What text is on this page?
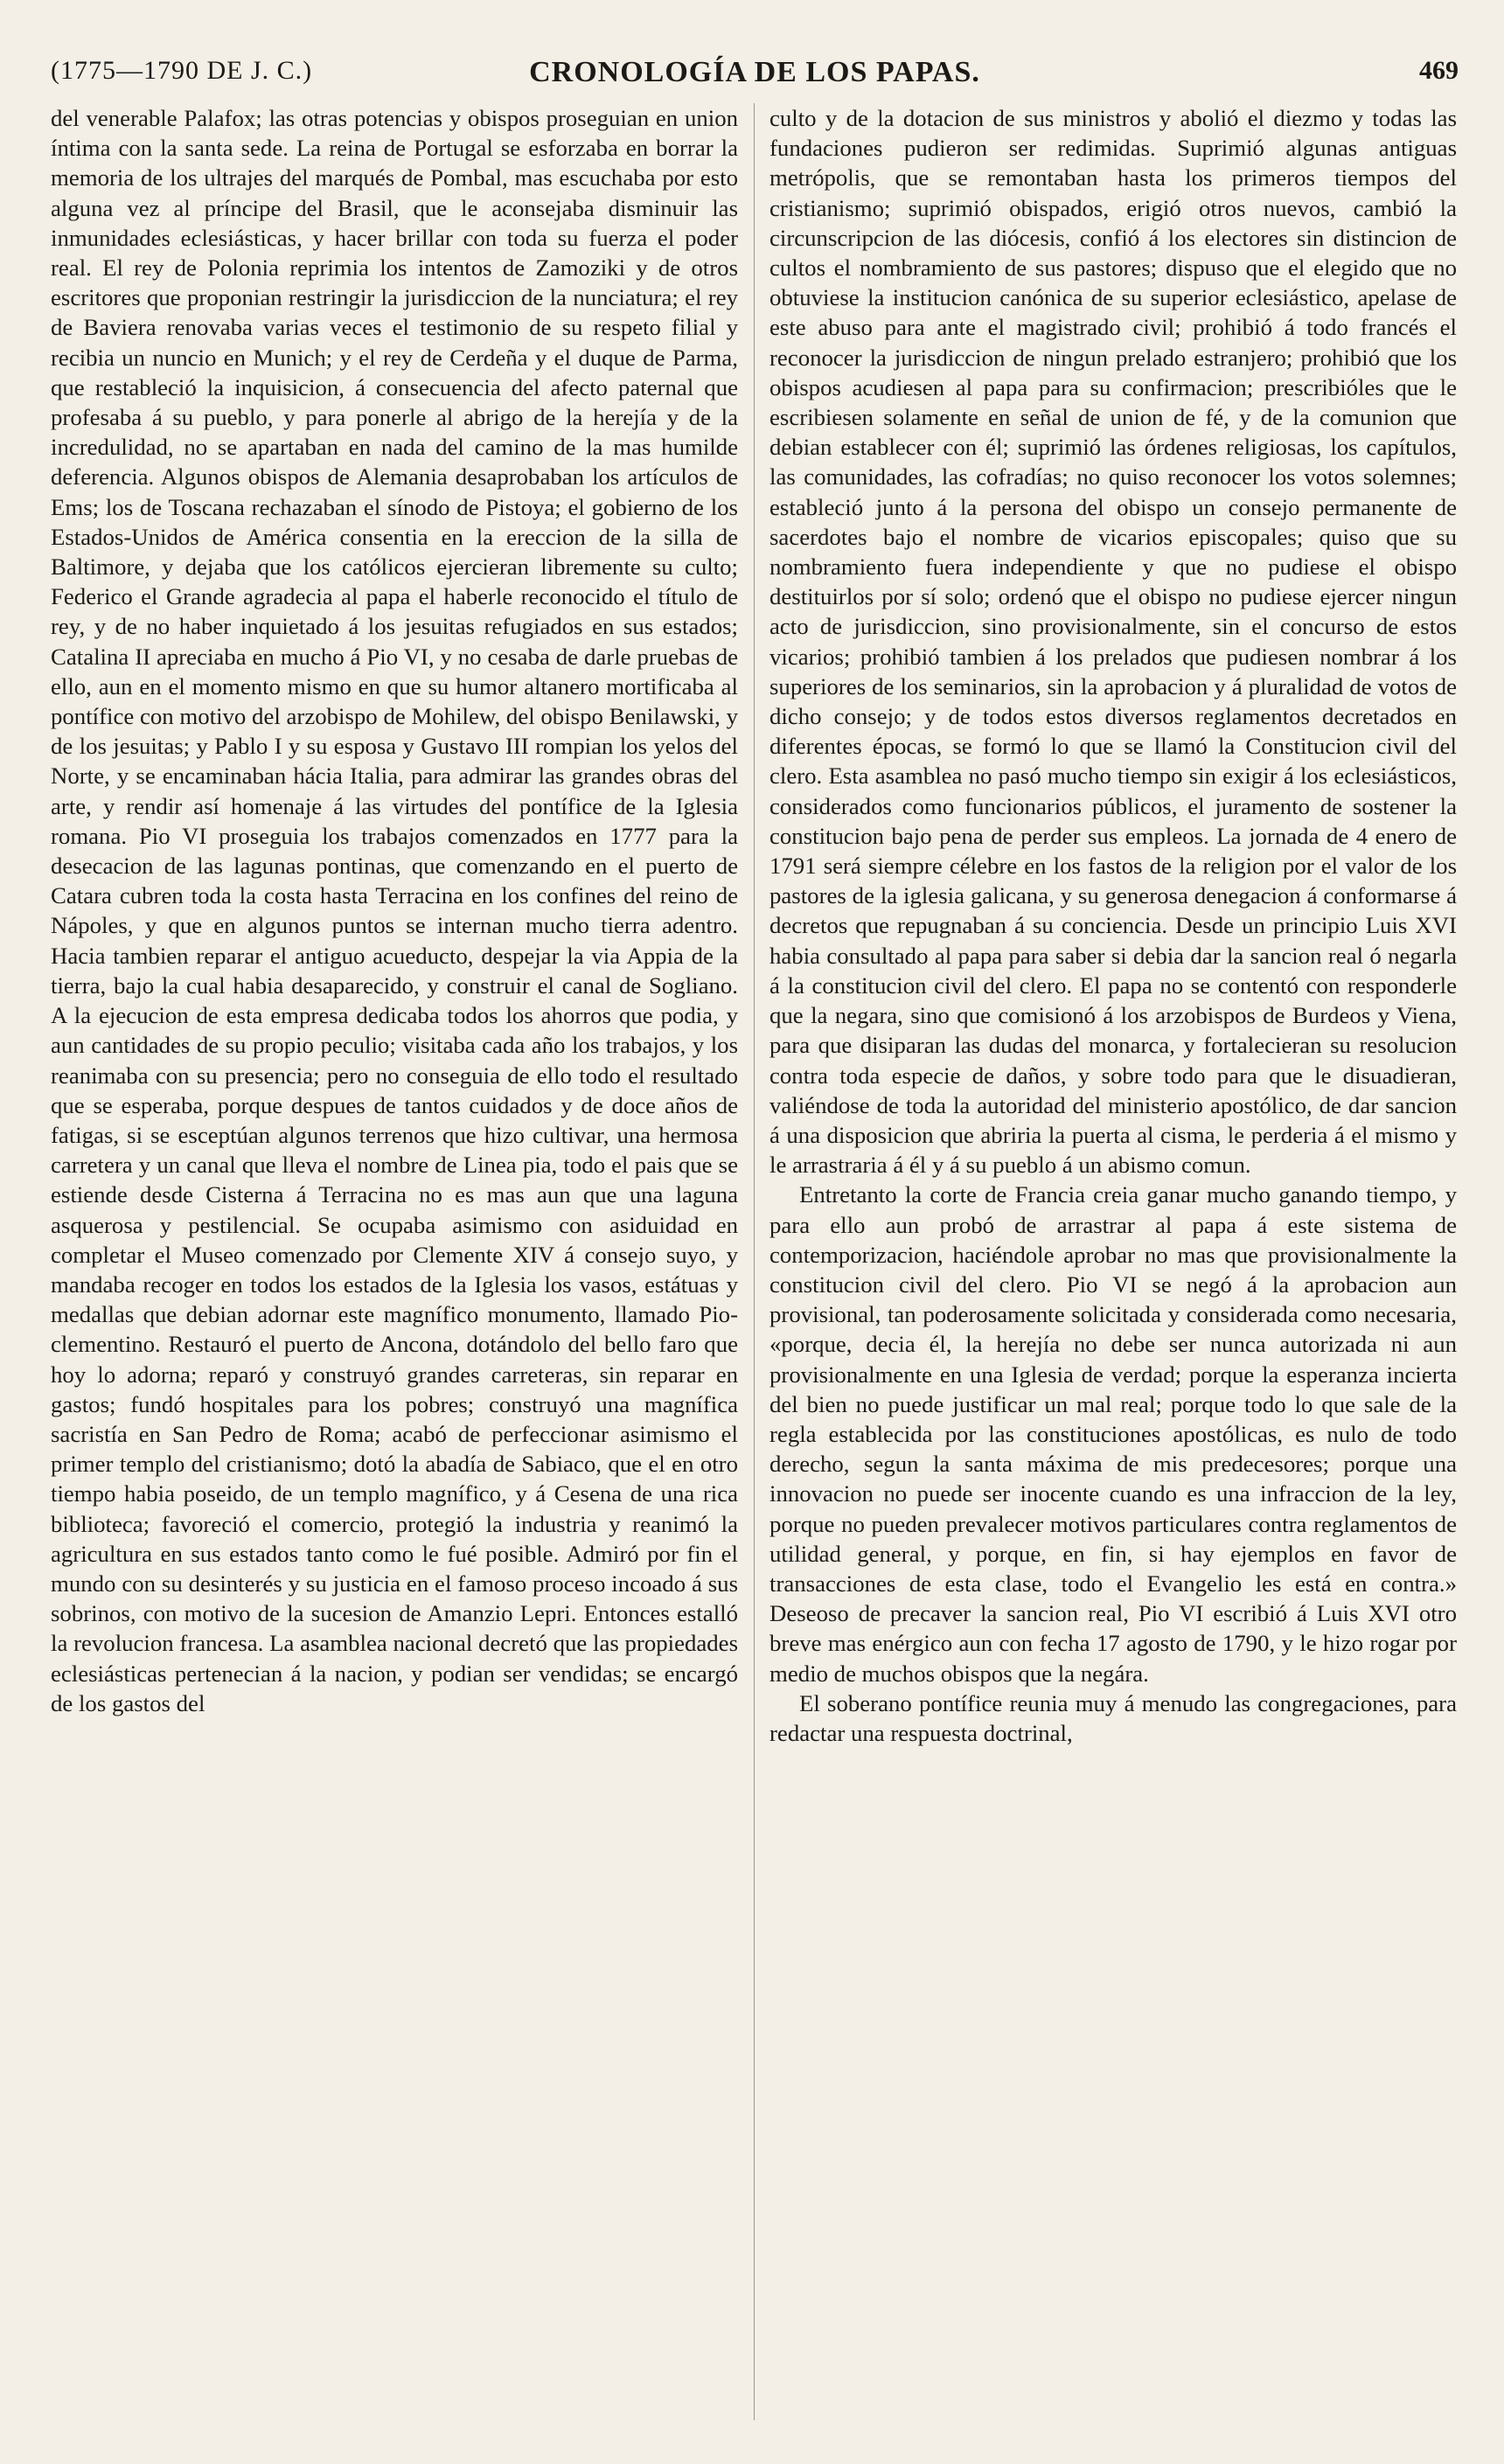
(1775—1790 DE J. C.)	CRONOLOGÍA DE LOS PAPAS.	469

del venerable Palafox; las otras potencias y obispos proseguian en union íntima con la santa sede. La reina de Portugal se esforzaba en borrar la memoria de los ultrajes del marqués de Pombal, mas escuchaba por esto alguna vez al príncipe del Brasil, que le aconsejaba disminuir las inmunidades eclesiásticas, y hacer brillar con toda su fuerza el poder real. El rey de Polonia reprimia los intentos de Zamoziki y de otros escritores que proponian restringir la jurisdiccion de la nunciatura; el rey de Baviera renovaba varias veces el testimonio de su respeto filial y recibia un nuncio en Munich; y el rey de Cerdeña y el duque de Parma, que restableció la inquisicion, á consecuencia del afecto paternal que profesaba á su pueblo, y para ponerle al abrigo de la herejía y de la incredulidad, no se apartaban en nada del camino de la mas humilde deferencia. Algunos obispos de Alemania desaprobaban los artículos de Ems; los de Toscana rechazaban el sínodo de Pistoya; el gobierno de los Estados-Unidos de América consentia en la ereccion de la silla de Baltimore, y dejaba que los católicos ejercieran libremente su culto; Federico el Grande agradecia al papa el haberle reconocido el título de rey, y de no haber inquietado á los jesuitas refugiados en sus estados; Catalina II apreciaba en mucho á Pio VI, y no cesaba de darle pruebas de ello, aun en el momento mismo en que su humor altanero mortificaba al pontífice con motivo del arzobispo de Mohilew, del obispo Benilawski, y de los jesuitas; y Pablo I y su esposa y Gustavo III rompian los yelos del Norte, y se encaminaban hácia Italia, para admirar las grandes obras del arte, y rendir así homenaje á las virtudes del pontífice de la Iglesia romana. Pio VI proseguia los trabajos comenzados en 1777 para la desecacion de las lagunas pontinas, que comenzando en el puerto de Catara cubren toda la costa hasta Terracina en los confines del reino de Nápoles, y que en algunos puntos se internan mucho tierra adentro. Hacia tambien reparar el antiguo acueducto, despejar la via Appia de la tierra, bajo la cual habia desaparecido, y construir el canal de Sogliano. A la ejecucion de esta empresa dedicaba todos los ahorros que podia, y aun cantidades de su propio peculio; visitaba cada año los trabajos, y los reanimaba con su presencia; pero no conseguia de ello todo el resultado que se esperaba, porque despues de tantos cuidados y de doce años de fatigas, si se esceptúan algunos terrenos que hizo cultivar, una hermosa carretera y un canal que lleva el nombre de Linea pia, todo el pais que se estiende desde Cisterna á Terracina no es mas aun que una laguna asquerosa y pestilencial. Se ocupaba asimismo con asiduidad en completar el Museo comenzado por Clemente XIV á consejo suyo, y mandaba recoger en todos los estados de la Iglesia los vasos, estátuas y medallas que debian adornar este magnífico monumento, llamado Pio-clementino. Restauró el puerto de Ancona, dotándolo del bello faro que hoy lo adorna; reparó y construyó grandes carreteras, sin reparar en gastos; fundó hospitales para los pobres; construyó una magnífica sacristía en San Pedro de Roma; acabó de perfeccionar asimismo el primer templo del cristianismo; dotó la abadía de Sabiaco, que el en otro tiempo habia poseido, de un templo magnífico, y á Cesena de una rica biblioteca; favoreció el comercio, protegió la industria y reanimó la agricultura en sus estados tanto como le fué posible. Admiró por fin el mundo con su desinterés y su justicia en el famoso proceso incoado á sus sobrinos, con motivo de la sucesion de Amanzio Lepri. Entonces estalló la revolucion francesa. La asamblea nacional decretó que las propiedades eclesiásticas pertenecian á la nacion, y podian ser vendidas; se encargó de los gastos del

culto y de la dotacion de sus ministros y abolió el diezmo y todas las fundaciones pudieron ser redimidas. Suprimió algunas antiguas metrópolis, que se remontaban hasta los primeros tiempos del cristianismo; suprimió obispados, erigió otros nuevos, cambió la circunscripcion de las diócesis, confió á los electores sin distincion de cultos el nombramiento de sus pastores; dispuso que el elegido que no obtuviese la institucion canónica de su superior eclesiástico, apelase de este abuso para ante el magistrado civil; prohibió á todo francés el reconocer la jurisdiccion de ningun prelado estranjero; prohibió que los obispos acudiesen al papa para su confirmacion; prescribióles que le escribiesen solamente en señal de union de fé, y de la comunion que debian establecer con él; suprimió las órdenes religiosas, los capítulos, las comunidades, las cofradías; no quiso reconocer los votos solemnes; estableció junto á la persona del obispo un consejo permanente de sacerdotes bajo el nombre de vicarios episcopales; quiso que su nombramiento fuera independiente y que no pudiese el obispo destituirlos por sí solo; ordenó que el obispo no pudiese ejercer ningun acto de jurisdiccion, sino provisionalmente, sin el concurso de estos vicarios; prohibió tambien á los prelados que pudiesen nombrar á los superiores de los seminarios, sin la aprobacion y á pluralidad de votos de dicho consejo; y de todos estos diversos reglamentos decretados en diferentes épocas, se formó lo que se llamó la Constitucion civil del clero. Esta asamblea no pasó mucho tiempo sin exigir á los eclesiásticos, considerados como funcionarios públicos, el juramento de sostener la constitucion bajo pena de perder sus empleos. La jornada de 4 enero de 1791 será siempre célebre en los fastos de la religion por el valor de los pastores de la iglesia galicana, y su generosa denegacion á conformarse á decretos que repugnaban á su conciencia. Desde un principio Luis XVI habia consultado al papa para saber si debia dar la sancion real ó negarla á la constitucion civil del clero. El papa no se contentó con responderle que la negara, sino que comisionó á los arzobispos de Burdeos y Viena, para que disiparan las dudas del monarca, y fortalecieran su resolucion contra toda especie de daños, y sobre todo para que le disuadieran, valiéndose de toda la autoridad del ministerio apostólico, de dar sancion á una disposicion que abriria la puerta al cisma, le perderia á el mismo y le arrastraria á él y á su pueblo á un abismo comun.

Entretanto la corte de Francia creia ganar mucho ganando tiempo, y para ello aun probó de arrastrar al papa á este sistema de contemporizacion, haciéndole aprobar no mas que provisionalmente la constitucion civil del clero. Pio VI se negó á la aprobacion aun provisional, tan poderosamente solicitada y considerada como necesaria, «porque, decia él, la herejía no debe ser nunca autorizada ni aun provisionalmente en una Iglesia de verdad; porque la esperanza incierta del bien no puede justificar un mal real; porque todo lo que sale de la regla establecida por las constituciones apostólicas, es nulo de todo derecho, segun la santa máxima de mis predecesores; porque una innovacion no puede ser inocente cuando es una infraccion de la ley, porque no pueden prevalecer motivos particulares contra reglamentos de utilidad general, y porque, en fin, si hay ejemplos en favor de transacciones de esta clase, todo el Evangelio les está en contra.» Deseoso de precaver la sancion real, Pio VI escribió á Luis XVI otro breve mas enérgico aun con fecha 17 agosto de 1790, y le hizo rogar por medio de muchos obispos que la negára.

El soberano pontífice reunia muy á menudo las congregaciones, para redactar una respuesta doctrinal,
